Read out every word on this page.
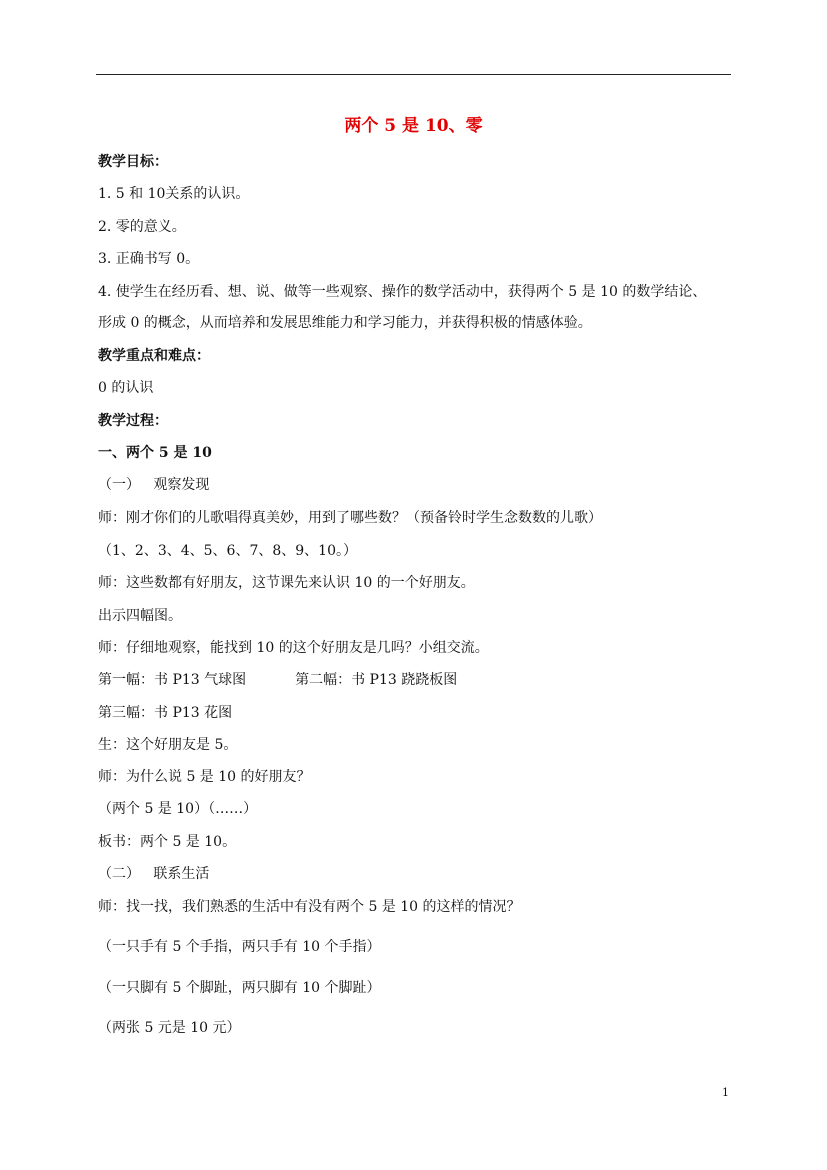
两个 5 是 10、零
教学目标：
1. 5 和 10关系的认识。
2. 零的意义。
3. 正确书写 0。
4. 使学生在经历看、想、说、做等一些观察、操作的数学活动中，获得两个 5 是 10 的数学结论、
形成 0 的概念，从而培养和发展思维能力和学习能力，并获得积极的情感体验。
教学重点和难点：
0 的认识
教学过程：
一、两个 5 是 10
（一）   观察发现
师：刚才你们的儿歌唱得真美妙，用到了哪些数？（预备铃时学生念数数的儿歌）
（1、2、3、4、5、6、7、8、9、10。）
师：这些数都有好朋友，这节课先来认识 10 的一个好朋友。
出示四幅图。
师：仔细地观察，能找到 10 的这个好朋友是几吗？小组交流。
第一幅：书 P13 气球图           第二幅：书 P13 跷跷板图
第三幅：书 P13 花图
生：这个好朋友是 5。
师：为什么说 5 是 10 的好朋友？
（两个 5 是 10）（……）
板书：两个 5 是 10。
（二）   联系生活
师：找一找，我们熟悉的生活中有没有两个 5 是 10 的这样的情况？
（一只手有 5 个手指，两只手有 10 个手指）
（一只脚有 5 个脚趾，两只脚有 10 个脚趾）
（两张 5 元是 10 元）
1
